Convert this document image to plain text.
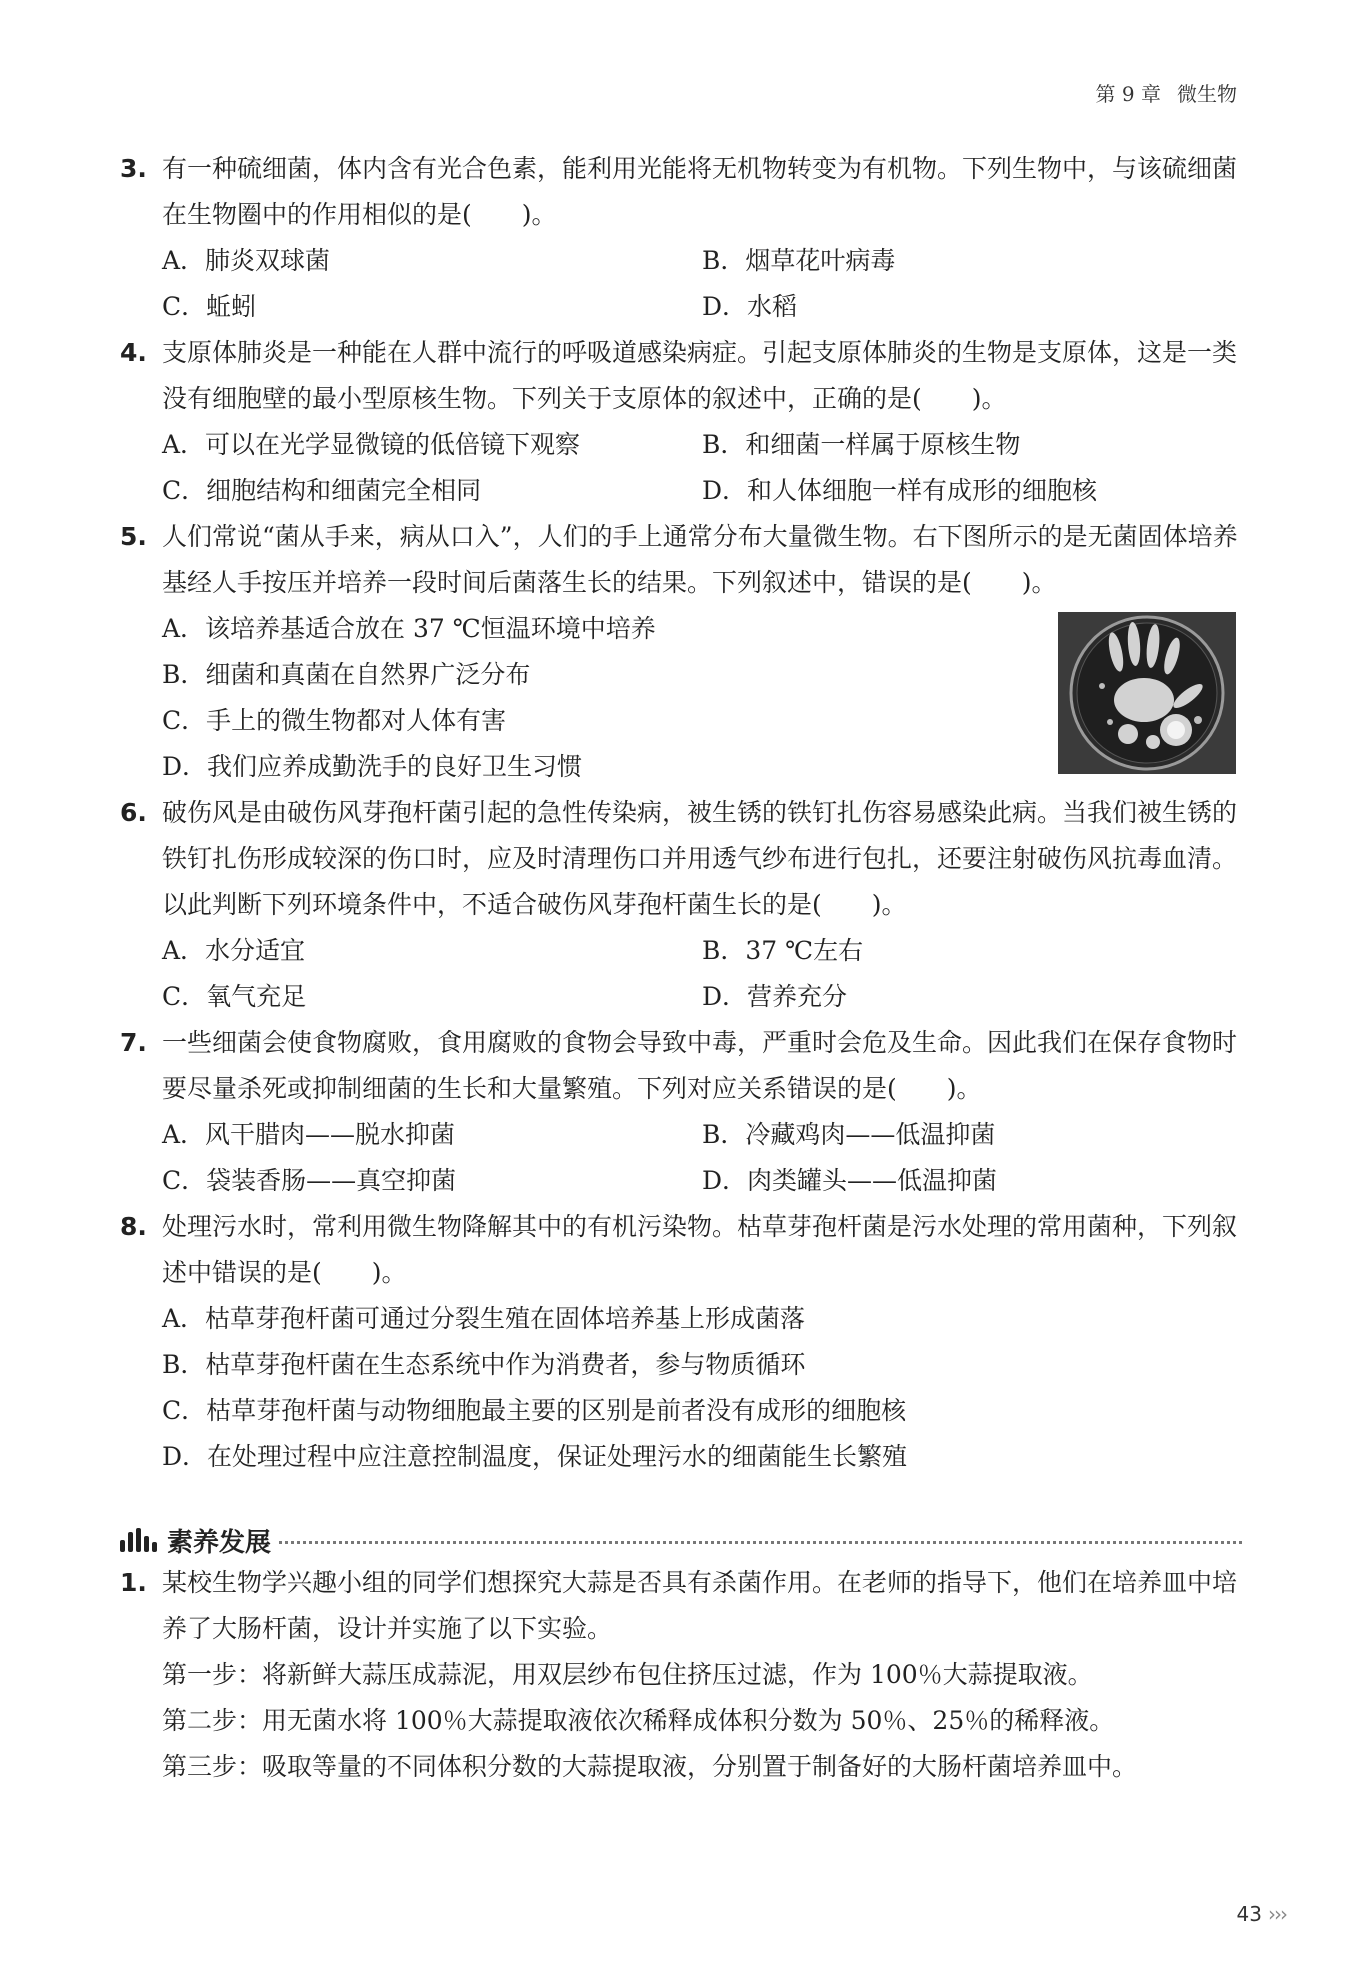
第 9 章 微生物
3. 有一种硫细菌，体内含有光合色素，能利用光能将无机物转变为有机物。下列生物中，与该硫细菌在生物圈中的作用相似的是(　　)。
A．肺炎双球菌	B．烟草花叶病毒
C．蚯蚓	D．水稻
4. 支原体肺炎是一种能在人群中流行的呼吸道感染病症。引起支原体肺炎的生物是支原体，这是一类没有细胞壁的最小型原核生物。下列关于支原体的叙述中，正确的是(　　)。
A．可以在光学显微镜的低倍镜下观察	B．和细菌一样属于原核生物
C．细胞结构和细菌完全相同	D．和人体细胞一样有成形的细胞核
5. 人们常说“菌从手来，病从口入”，人们的手上通常分布大量微生物。右下图所示的是无菌固体培养基经人手按压并培养一段时间后菌落生长的结果。下列叙述中，错误的是(　　)。
A．该培养基适合放在 37 ℃恒温环境中培养
B．细菌和真菌在自然界广泛分布
C．手上的微生物都对人体有害
D．我们应养成勤洗手的良好卫生习惯
6. 破伤风是由破伤风芽孢杆菌引起的急性传染病，被生锈的铁钉扎伤容易感染此病。当我们被生锈的铁钉扎伤形成较深的伤口时，应及时清理伤口并用透气纱布进行包扎，还要注射破伤风抗毒血清。以此判断下列环境条件中，不适合破伤风芽孢杆菌生长的是(　　)。
A．水分适宜	B．37 ℃左右
C．氧气充足	D．营养充分
7. 一些细菌会使食物腐败，食用腐败的食物会导致中毒，严重时会危及生命。因此我们在保存食物时要尽量杀死或抑制细菌的生长和大量繁殖。下列对应关系错误的是(　　)。
A．风干腊肉——脱水抑菌	B．冷藏鸡肉——低温抑菌
C．袋装香肠——真空抑菌	D．肉类罐头——低温抑菌
8. 处理污水时，常利用微生物降解其中的有机污染物。枯草芽孢杆菌是污水处理的常用菌种，下列叙述中错误的是(　　)。
A．枯草芽孢杆菌可通过分裂生殖在固体培养基上形成菌落
B．枯草芽孢杆菌在生态系统中作为消费者，参与物质循环
C．枯草芽孢杆菌与动物细胞最主要的区别是前者没有成形的细胞核
D．在处理过程中应注意控制温度，保证处理污水的细菌能生长繁殖
素养发展
1. 某校生物学兴趣小组的同学们想探究大蒜是否具有杀菌作用。在老师的指导下，他们在培养皿中培养了大肠杆菌，设计并实施了以下实验。
第一步：将新鲜大蒜压成蒜泥，用双层纱布包住挤压过滤，作为 100％大蒜提取液。
第二步：用无菌水将 100％大蒜提取液依次稀释成体积分数为 50％、25％的稀释液。
第三步：吸取等量的不同体积分数的大蒜提取液，分别置于制备好的大肠杆菌培养皿中。
43 ›››
